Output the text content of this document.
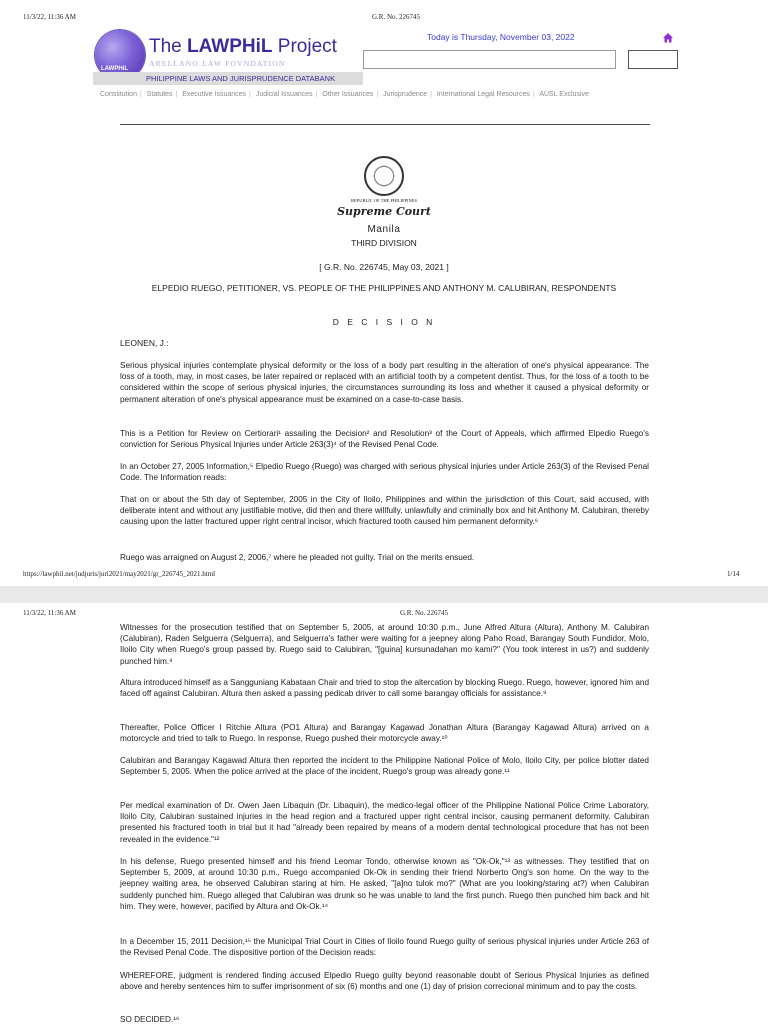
11/3/22, 11:36 AM	G.R. No. 226745
LAWPHiL
The LAWPHiL Project
ARELLANO LAW FOVNDATION
PHILIPPINE LAWS AND JURISPRUDENCE DATABANK
Today is Thursday, November 03, 2022
Constitution | Statutes | Executive Issuances | Judicial Issuances | Other Issuances | Jurisprudence | International Legal Resources | AUSL Exclusive
REPUBLIC OF THE PHILIPPINES
Supreme Court
Manila
THIRD DIVISION
[ G.R. No. 226745, May 03, 2021 ]
ELPEDIO RUEGO, PETITIONER, VS. PEOPLE OF THE PHILIPPINES AND ANTHONY M. CALUBIRAN, RESPONDENTS
D E C I S I O N
LEONEN, J.:
Serious physical injuries contemplate physical deformity or the loss of a body part resulting in the alteration of one's physical appearance. The loss of a tooth, may, in most cases, be later repaired or replaced with an artificial tooth by a competent dentist. Thus, for the loss of a tooth to be considered within the scope of serious physical injuries, the circumstances surrounding its loss and whether it caused a physical deformity or permanent alteration of one's physical appearance must be examined on a case-to-case basis.
This is a Petition for Review on Certiorari¹ assailing the Decision² and Resolution³ of the Court of Appeals, which affirmed Elpedio Ruego's conviction for Serious Physical Injuries under Article 263(3)⁴ of the Revised Penal Code.
In an October 27, 2005 Information,⁵ Elpedio Ruego (Ruego) was charged with serious physical injuries under Article 263(3) of the Revised Penal Code. The Information reads:
That on or about the 5th day of September, 2005 in the City of Iloilo, Philippines and within the jurisdiction of this Court, said accused, with deliberate intent and without any justifiable motive, did then and there willfully, unlawfully and criminally box and hit Anthony M. Calubiran, thereby causing upon the latter fractured upper right central incisor, which fractured tooth caused him permanent deformity.⁶
Ruego was arraigned on August 2, 2006,⁷ where he pleaded not guilty. Trial on the merits ensued.
https://lawphil.net/judjuris/juri2021/may2021/gr_226745_2021.html	1/14
11/3/22, 11:36 AM	G.R. No. 226745
Witnesses for the prosecution testified that on September 5, 2005, at around 10:30 p.m., June Alfred Altura (Altura), Anthony M. Calubiran (Calubiran), Raden Selguerra (Selguerra), and Selguerra's father were waiting for a jeepney along Paho Road, Barangay South Fundidor, Molo, Iloilo City when Ruego's group passed by. Ruego said to Calubiran, "[guina] kursunadahan mo kami?" (You took interest in us?) and suddenly punched him.⁸
Altura introduced himself as a Sangguniang Kabataan Chair and tried to stop the altercation by blocking Ruego. Ruego, however, ignored him and faced off against Calubiran. Altura then asked a passing pedicab driver to call some barangay officials for assistance.⁹
Thereafter, Police Officer I Ritchie Altura (PO1 Altura) and Barangay Kagawad Jonathan Altura (Barangay Kagawad Altura) arrived on a motorcycle and tried to talk to Ruego. In response, Ruego pushed their motorcycle away.¹⁰
Calubiran and Barangay Kagawad Altura then reported the incident to the Philippine National Police of Molo, Iloilo City, per police blotter dated September 5, 2005. When the police arrived at the place of the incident, Ruego's group was already gone.¹¹
Per medical examination of Dr. Owen Jaen Libaquin (Dr. Libaquin), the medico-legal officer of the Philippine National Police Crime Laboratory, Iloilo City, Calubiran sustained injuries in the head region and a fractured upper right central incisor, causing permanent deformity. Calubiran presented his fractured tooth in trial but it had "already been repaired by means of a modern dental technological procedure that has not been revealed in the evidence."¹²
In his defense, Ruego presented himself and his friend Leomar Tondo, otherwise known as "Ok-Ok,"¹³ as witnesses. They testified that on September 5, 2009, at around 10:30 p.m., Ruego accompanied Ok-Ok in sending their friend Norberto Ong's son home. On the way to the jeepney waiting area, he observed Calubiran staring at him. He asked, "[a]no tulok mo?" (What are you looking/staring at?) when Calubiran suddenly punched him. Ruego alleged that Calubiran was drunk so he was unable to land the first punch. Ruego then punched him back and hit him. They were, however, pacified by Altura and Ok-Ok.¹⁴
In a December 15, 2011 Decision,¹⁵ the Municipal Trial Court in Cities of Iloilo found Ruego guilty of serious physical injuries under Article 263 of the Revised Penal Code. The dispositive portion of the Decision reads:
WHEREFORE, judgment is rendered finding accused Elpedio Ruego guilty beyond reasonable doubt of Serious Physical Injuries as defined above and hereby sentences him to suffer imprisonment of six (6) months and one (1) day of prision correcional minimum and to pay the costs.
SO DECIDED.¹⁶
